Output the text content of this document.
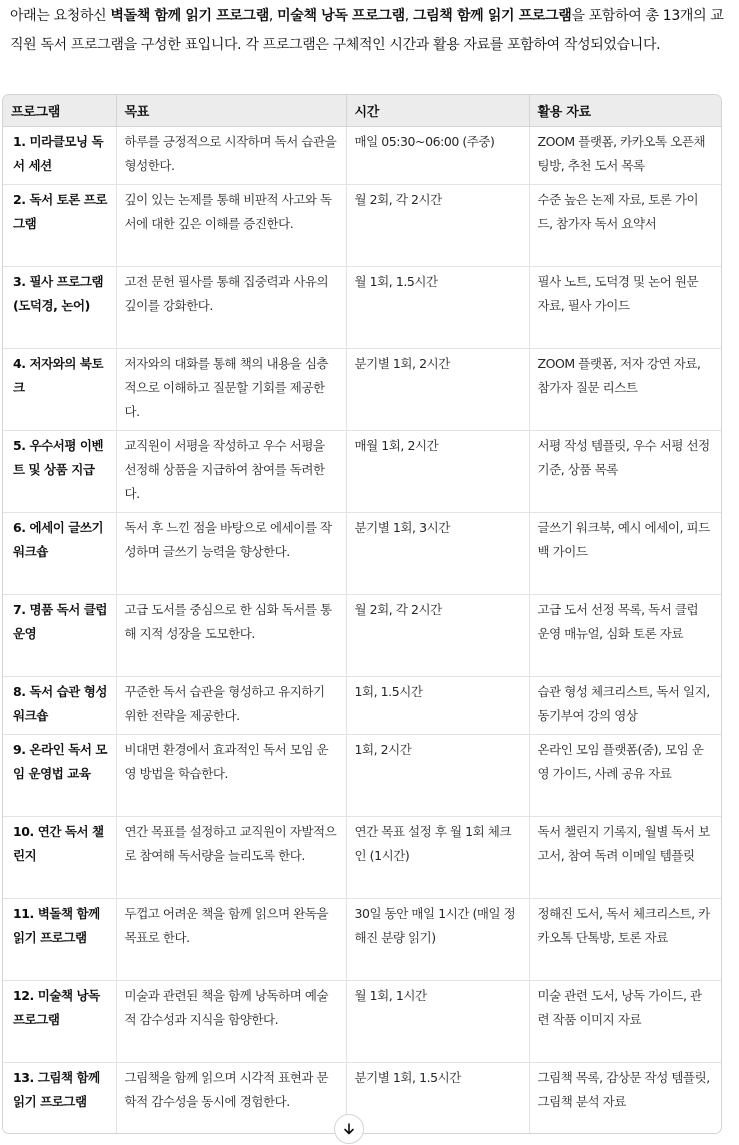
아래는 요청하신 벽돌책 함께 읽기 프로그램, 미술책 낭독 프로그램, 그림책 함께 읽기 프로그램을 포함하여 총 13개의 교직원 독서 프로그램을 구성한 표입니다. 각 프로그램은 구체적인 시간과 활용 자료를 포함하여 작성되었습니다.
프로그램	목표	시간	활용 자료
1. 미라클모닝 독서 세션	하루를 긍정적으로 시작하며 독서 습관을 형성한다.	매일 05:30~06:00 (주중)	ZOOM 플랫폼, 카카오톡 오픈채팅방, 추천 도서 목록
2. 독서 토론 프로그램	깊이 있는 논제를 통해 비판적 사고와 독서에 대한 깊은 이해를 증진한다.	월 2회, 각 2시간	수준 높은 논제 자료, 토론 가이드, 참가자 독서 요약서
3. 필사 프로그램 (도덕경, 논어)	고전 문헌 필사를 통해 집중력과 사유의 깊이를 강화한다.	월 1회, 1.5시간	필사 노트, 도덕경 및 논어 원문 자료, 필사 가이드
4. 저자와의 북토크	저자와의 대화를 통해 책의 내용을 심층적으로 이해하고 질문할 기회를 제공한다.	분기별 1회, 2시간	ZOOM 플랫폼, 저자 강연 자료, 참가자 질문 리스트
5. 우수서평 이벤트 및 상품 지급	교직원이 서평을 작성하고 우수 서평을 선정해 상품을 지급하여 참여를 독려한다.	매월 1회, 2시간	서평 작성 템플릿, 우수 서평 선정 기준, 상품 목록
6. 에세이 글쓰기 워크숍	독서 후 느낀 점을 바탕으로 에세이를 작성하며 글쓰기 능력을 향상한다.	분기별 1회, 3시간	글쓰기 워크북, 예시 에세이, 피드백 가이드
7. 명품 독서 클럽 운영	고급 도서를 중심으로 한 심화 독서를 통해 지적 성장을 도모한다.	월 2회, 각 2시간	고급 도서 선정 목록, 독서 클럽 운영 매뉴얼, 심화 토론 자료
8. 독서 습관 형성 워크숍	꾸준한 독서 습관을 형성하고 유지하기 위한 전략을 제공한다.	1회, 1.5시간	습관 형성 체크리스트, 독서 일지, 동기부여 강의 영상
9. 온라인 독서 모임 운영법 교육	비대면 환경에서 효과적인 독서 모임 운영 방법을 학습한다.	1회, 2시간	온라인 모임 플랫폼(줌), 모임 운영 가이드, 사례 공유 자료
10. 연간 독서 챌린지	연간 목표를 설정하고 교직원이 자발적으로 참여해 독서량을 늘리도록 한다.	연간 목표 설정 후 월 1회 체크인 (1시간)	독서 챌린지 기록지, 월별 독서 보고서, 참여 독려 이메일 템플릿
11. 벽돌책 함께 읽기 프로그램	두껍고 어려운 책을 함께 읽으며 완독을 목표로 한다.	30일 동안 매일 1시간 (매일 정해진 분량 읽기)	정해진 도서, 독서 체크리스트, 카카오톡 단톡방, 토론 자료
12. 미술책 낭독 프로그램	미술과 관련된 책을 함께 낭독하며 예술적 감수성과 지식을 함양한다.	월 1회, 1시간	미술 관련 도서, 낭독 가이드, 관련 작품 이미지 자료
13. 그림책 함께 읽기 프로그램	그림책을 함께 읽으며 시각적 표현과 문학적 감수성을 동시에 경험한다.	분기별 1회, 1.5시간	그림책 목록, 감상문 작성 템플릿, 그림책 분석 자료
